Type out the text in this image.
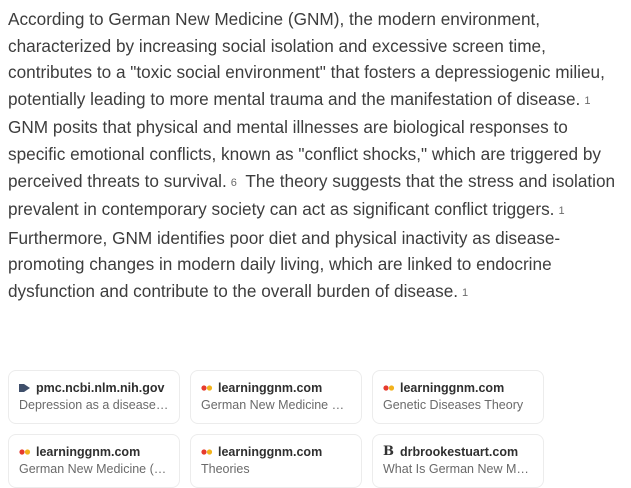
According to German New Medicine (GNM), the modern environment, characterized by increasing social isolation and excessive screen time, contributes to a "toxic social environment" that fosters a depressiogenic milieu, potentially leading to more mental trauma and the manifestation of disease. 1 GNM posits that physical and mental illnesses are biological responses to specific emotional conflicts, known as "conflict shocks," which are triggered by perceived threats to survival. 6 The theory suggests that the stress and isolation prevalent in contemporary society can act as significant conflict triggers. 1 Furthermore, GNM identifies poor diet and physical inactivity as disease-promoting changes in modern daily living, which are linked to endocrine dysfunction and contribute to the overall burden of disease. 1
pmc.ncbi.nlm.nih.gov
Depression as a disease…
learninggnm.com
German New Medicine …
learninggnm.com
Genetic Diseases Theory
learninggnm.com
German New Medicine (…
learninggnm.com
Theories
B drbrookestuart.com
What Is German New M…
